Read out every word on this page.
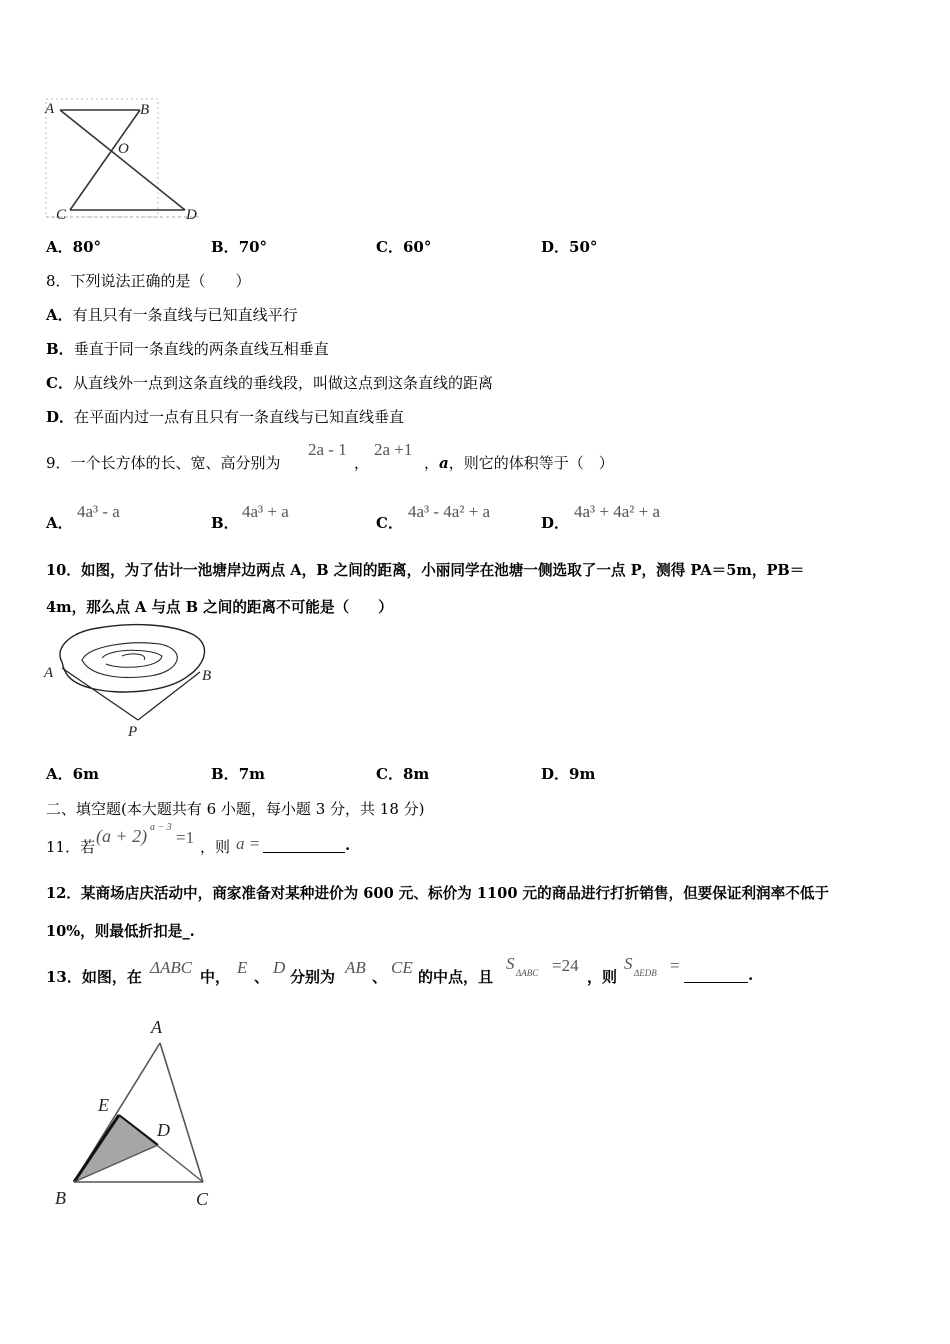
A	B
O
C	D
A．80°	B．70°	C．60°	D．50°
8．下列说法正确的是（　　）
A．有且只有一条直线与已知直线平行
B．垂直于同一条直线的两条直线互相垂直
C．从直线外一点到这条直线的垂线段，叫做这点到这条直线的距离
D．在平面内过一点有且只有一条直线与已知直线垂直
9．一个长方体的长、宽、高分别为
2a - 1
，
2a +1
，a，则它的体积等于（　）
A．
4a³ - a
B．
4a³ + a
C．
4a³ - 4a² + a
D．
4a³ + 4a² + a
10．如图，为了估计一池塘岸边两点 A，B 之间的距离，小丽同学在池塘一侧选取了一点 P，测得 PA＝5m，PB＝
4m，那么点 A 与点 B 之间的距离不可能是（　　）
A	B
P
A．6m	B．7m	C．8m	D．9m
二、填空题(本大题共有 6 小题，每小题 3 分，共 18 分)
11．若
(a + 2) a − 3
=1 ，则 a =	.
12．某商场店庆活动中，商家准备对某种进价为 600 元、标价为 1100 元的商品进行打折销售，但要保证利润率不低于
10%，则最低折扣是_.
13．如图，在 ΔABC 中， E 、 D 分别为 AB 、 CE 的中点，且
S ΔABC =24
，则
S ΔEDB =	.
A
E
D
B	C
